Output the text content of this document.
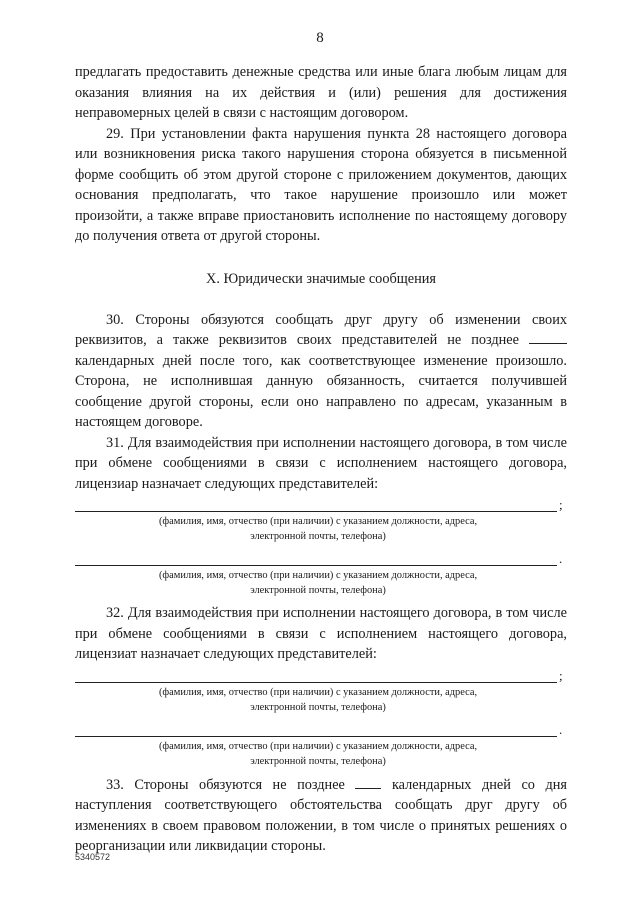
8

предлагать предоставить денежные средства или иные блага любым лицам для оказания влияния на их действия и (или) решения для достижения неправомерных целей в связи с настоящим договором.

29. При установлении факта нарушения пункта 28 настоящего договора или возникновения риска такого нарушения сторона обязуется в письменной форме сообщить об этом другой стороне с приложением документов, дающих основания предполагать, что такое нарушение произошло или может произойти, а также вправе приостановить исполнение по настоящему договору до получения ответа от другой стороны.

X. Юридически значимые сообщения

30. Стороны обязуются сообщать друг другу об изменении своих реквизитов, а также реквизитов своих представителей не позднее  календарных дней после того, как соответствующее изменение произошло. Сторона, не исполнившая данную обязанность, считается получившей сообщение другой стороны, если оно направлено по адресам, указанным в настоящем договоре.

31. Для взаимодействия при исполнении настоящего договора, в том числе при обмене сообщениями в связи с исполнением настоящего договора, лицензиар назначает следующих представителей:

;
(фамилия, имя, отчество (при наличии) с указанием должности, адреса,
электронной почты, телефона)
.
(фамилия, имя, отчество (при наличии) с указанием должности, адреса,
электронной почты, телефона)

32. Для взаимодействия при исполнении настоящего договора, в том числе при обмене сообщениями в связи с исполнением настоящего договора, лицензиат назначает следующих представителей:

;
(фамилия, имя, отчество (при наличии) с указанием должности, адреса,
электронной почты, телефона)
.
(фамилия, имя, отчество (при наличии) с указанием должности, адреса,
электронной почты, телефона)

33. Стороны обязуются не позднее  календарных дней со дня наступления соответствующего обстоятельства сообщать друг другу об изменениях в своем правовом положении, в том числе о принятых решениях о реорганизации или ликвидации стороны.

5340572
